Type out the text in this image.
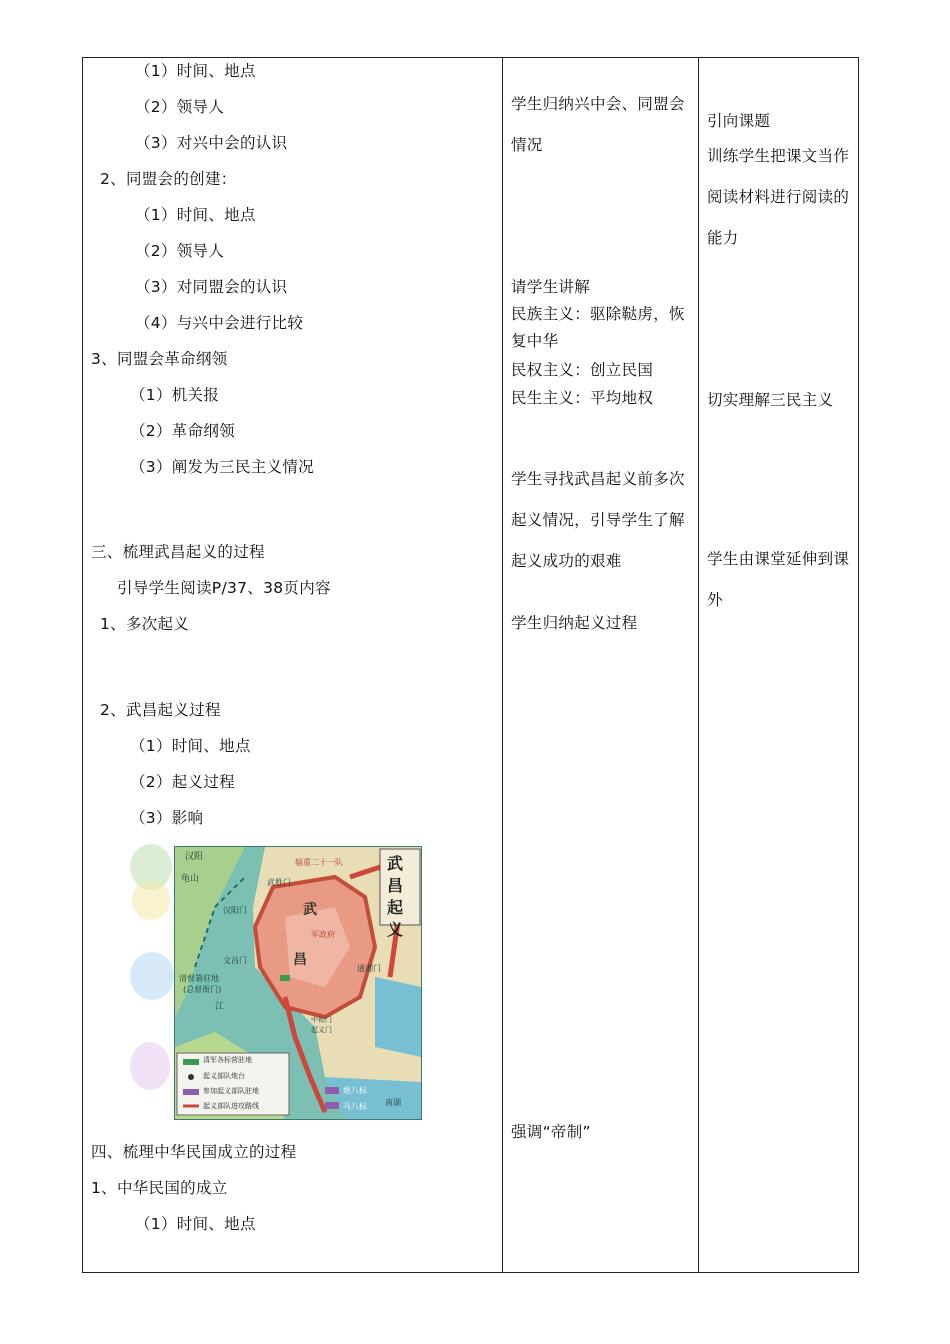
（1）时间、地点
（2）领导人
（3）对兴中会的认识
2、同盟会的创建：
（1）时间、地点
（2）领导人
（3）对同盟会的认识
（4）与兴中会进行比较
3、同盟会革命纲领
（1）机关报
（2）革命纲领
（3）阐发为三民主义情况
三、梳理武昌起义的过程
引导学生阅读P/37、38页内容
1、多次起义
2、武昌起义过程
（1）时间、地点
（2）起义过程
（3）影响
武昌起义
汉阳
龟山	武胜门
汉阳门
文昌门
武
昌
军政府
清督署驻地
(总督衙门)
通湘门
中和门
起义门
江
辎重二十一队
炮八标
马八标 南湖
清军各标营驻地
起义部队炮台
参加起义部队驻地
起义部队进攻路线
四、梳理中华民国成立的过程
1、中华民国的成立
（1）时间、地点
学生归纳兴中会、同盟会情况
请学生讲解
民族主义：驱除鞑虏，恢复中华
民权主义：创立民国
民生主义：平均地权
学生寻找武昌起义前多次起义情况，引导学生了解起义成功的艰难
学生归纳起义过程
强调“帝制”
引向课题
训练学生把课文当作阅读材料进行阅读的能力
切实理解三民主义
学生由课堂延伸到课外
